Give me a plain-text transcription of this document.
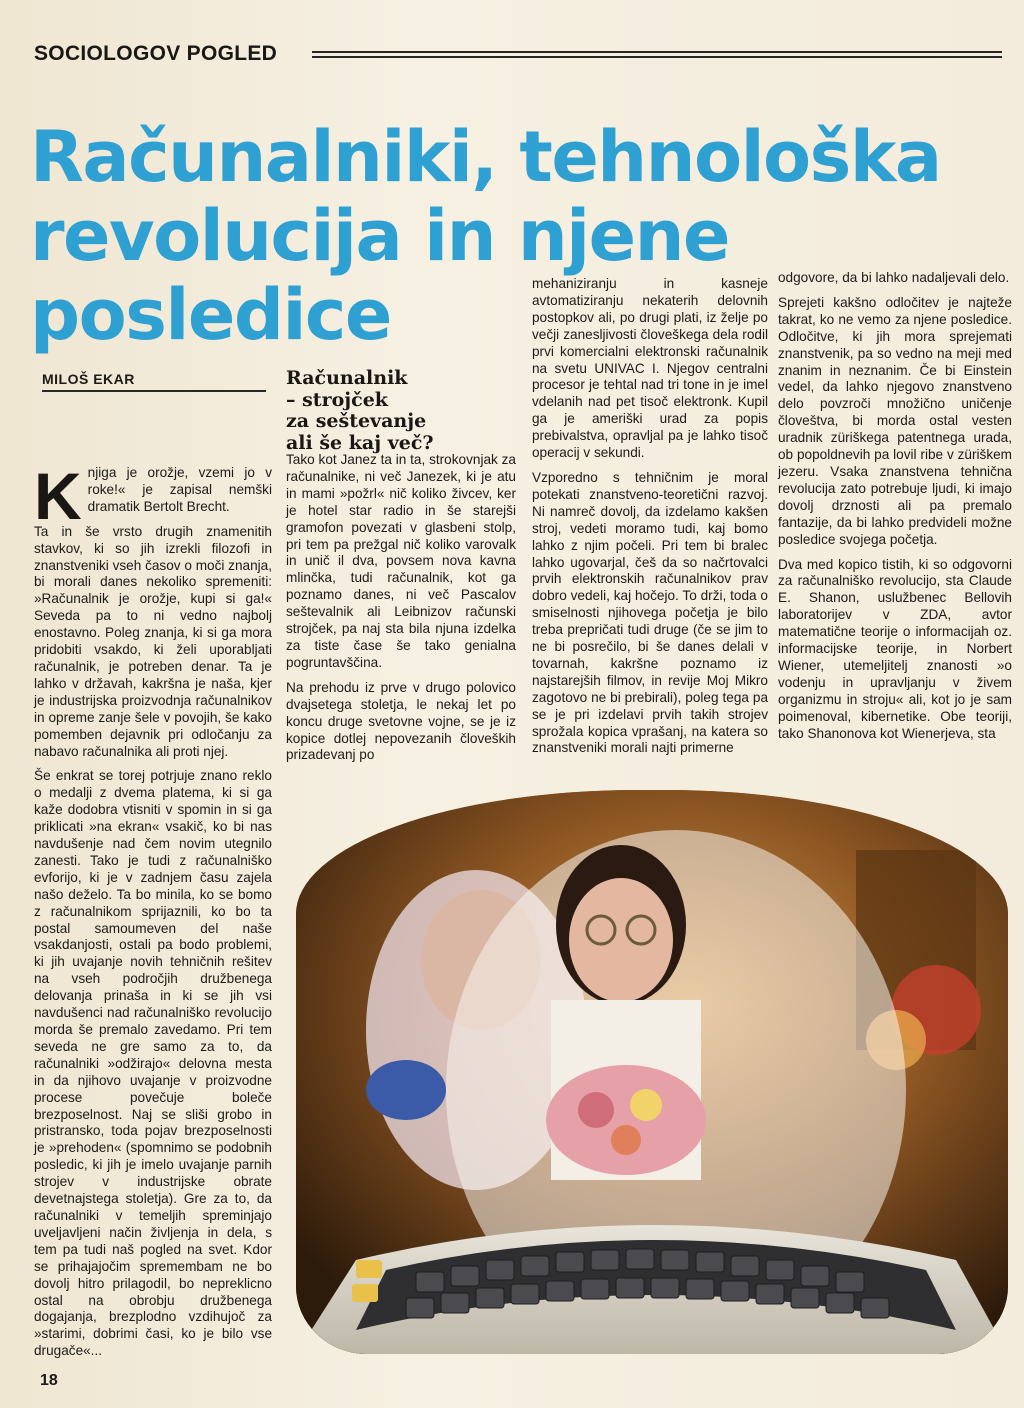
SOCIOLOGOV POGLED
Računalniki, tehnološka
revolucija in njene
posledice
MILOŠ EKAR	Računalnik
– strojček
za seštevanje
ali še kaj več?

Knjiga je orožje, vzemi jo v roke!« je zapisal nemški dramatik Bertolt Brecht.

Ta in še vrsto drugih znamenitih stavkov, ki so jih izrekli filozofi in znanstveniki vseh časov o moči znanja, bi morali danes nekoliko spremeniti: »Računalnik je orožje, kupi si ga!« Seveda pa to ni vedno najbolj enostavno. Poleg znanja, ki si ga mora pridobiti vsakdo, ki želi uporabljati računalnik, je potreben denar. Ta je lahko v državah, kakršna je naša, kjer je industrijska proizvodnja računalnikov in opreme zanje šele v povojih, še kako pomemben dejavnik pri odločanju za nabavo računalnika ali proti njej.

Še enkrat se torej potrjuje znano reklo o medalji z dvema platema, ki si ga kaže dodobra vtisniti v spomin in si ga priklicati »na ekran« vsakič, ko bi nas navdušenje nad čem novim utegnilo zanesti. Tako je tudi z računalniško evforijo, ki je v zadnjem času zajela našo deželo. Ta bo minila, ko se bomo z računalnikom sprijaznili, ko bo ta postal samoumeven del naše vsakdanjosti, ostali pa bodo problemi, ki jih uvajanje novih tehničnih rešitev na vseh področjih družbenega delovanja prinaša in ki se jih vsi navdušenci nad računalniško revolucijo morda še premalo zavedamo. Pri tem seveda ne gre samo za to, da računalniki »odžirajo« delovna mesta in da njihovo uvajanje v proizvodne procese povečuje boleče brezposelnost. Naj se sliši grobo in pristransko, toda pojav brezposelnosti je »prehoden« (spomnimo se podobnih posledic, ki jih je imelo uvajanje parnih strojev v industrijske obrate devetnajstega stoletja). Gre za to, da računalniki v temeljih spreminjajo uveljavljeni način življenja in dela, s tem pa tudi naš pogled na svet. Kdor se prihajajočim spremembam ne bo dovolj hitro prilagodil, bo nepreklicno ostal na obrobju družbenega dogajanja, brezplodno vzdihujoč za »starimi, dobrimi časi, ko je bilo vse drugače«...

Tako kot Janez ta in ta, strokovnjak za računalnike, ni več Janezek, ki je atu in mami »požrl« nič koliko živcev, ker je hotel star radio in še starejši gramofon povezati v glasbeni stolp, pri tem pa prežgal nič koliko varovalk in unič il dva, povsem nova kavna mlinčka, tudi računalnik, kot ga poznamo danes, ni več Pascalov seštevalnik ali Leibnizov računski strojček, pa naj sta bila njuna izdelka za tiste čase še tako genialna pogruntavščina.

Na prehodu iz prve v drugo polovico dvajsetega stoletja, le nekaj let po koncu druge svetovne vojne, se je iz kopice dotlej nepovezanih človeških prizadevanj po

mehaniziranju in kasneje avtomatiziranju nekaterih delovnih postopkov ali, po drugi plati, iz želje po večji zanesljivosti človeškega dela rodil prvi komercialni elektronski računalnik na svetu UNIVAC I. Njegov centralni procesor je tehtal nad tri tone in je imel vdelanih nad pet tisoč elektronk. Kupil ga je ameriški urad za popis prebivalstva, opravljal pa je lahko tisoč operacij v sekundi.

Vzporedno s tehničnim je moral potekati znanstveno-teoretični razvoj. Ni namreč dovolj, da izdelamo kakšen stroj, vedeti moramo tudi, kaj bomo lahko z njim počeli. Pri tem bi bralec lahko ugovarjal, češ da so načrtovalci prvih elektronskih računalnikov prav dobro vedeli, kaj hočejo. To drži, toda o smiselnosti njihovega početja je bilo treba prepričati tudi druge (če se jim to ne bi posrečilo, bi še danes delali v tovarnah, kakršne poznamo iz najstarejših filmov, in revije Moj Mikro zagotovo ne bi prebirali), poleg tega pa se je pri izdelavi prvih takih strojev sprožala kopica vprašanj, na katera so znanstveniki morali najti primerne

odgovore, da bi lahko nadaljevali delo.

Sprejeti kakšno odločitev je najteže takrat, ko ne vemo za njene posledice. Odločitve, ki jih mora sprejemati znanstvenik, pa so vedno na meji med znanim in neznanim. Če bi Einstein vedel, da lahko njegovo znanstveno delo povzroči množično uničenje človeštva, bi morda ostal vesten uradnik züriškega patentnega urada, ob popoldnevih pa lovil ribe v züriškem jezeru. Vsaka znanstvena tehnična revolucija zato potrebuje ljudi, ki imajo dovolj drznosti ali pa premalo fantazije, da bi lahko predvideli možne posledice svojega početja.

Dva med kopico tistih, ki so odgovorni za računalniško revolucijo, sta Claude E. Shanon, uslužbenec Bellovih laboratorijev v ZDA, avtor matematične teorije o informacijah oz. informacijske teorije, in Norbert Wiener, utemeljitelj znanosti »o vodenju in upravljanju v živem organizmu in stroju« ali, kot jo je sam poimenoval, kibernetike. Obe teoriji, tako Shanonova kot Wienerjeva, sta

18
